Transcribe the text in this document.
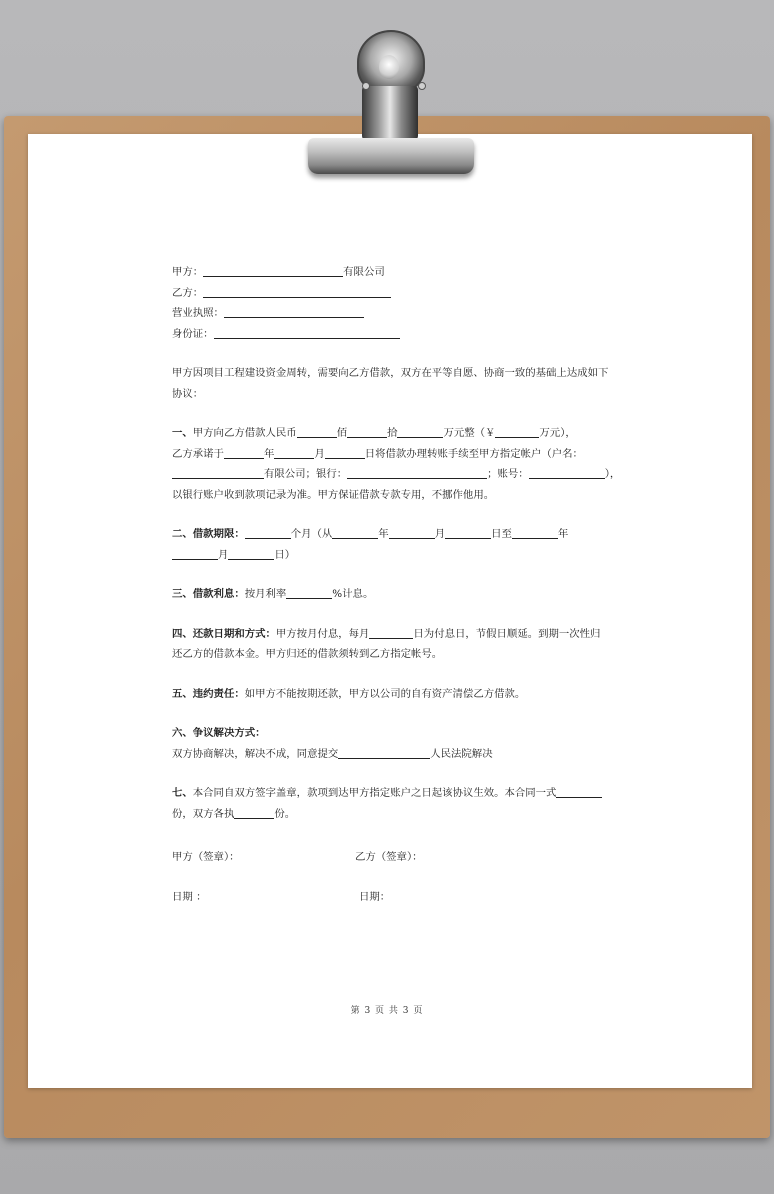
甲方：	有限公司
乙方：
营业执照：
身份证：
甲方因项目工程建设资金周转，需要向乙方借款，双方在平等自愿、协商一致的基础上达成如下
协议：
一、甲方向乙方借款人民币	佰	拾	万元整（￥	万元），
乙方承诺于	年	月	日将借款办理转账手续至甲方指定帐户（户名：
有限公司；银行：	；账号：	），
以银行账户收到款项记录为准。甲方保证借款专款专用，不挪作他用。
二、借款期限：	个月（从	年	月	日至	年
月	日）
三、借款利息：按月利率	%计息。
四、还款日期和方式：甲方按月付息，每月	日为付息日，节假日顺延。到期一次性归
还乙方的借款本金。甲方归还的借款须转到乙方指定帐号。
五、违约责任：如甲方不能按期还款，甲方以公司的自有资产清偿乙方借款。
六、争议解决方式：
双方协商解决，解决不成，同意提交	人民法院解决
七、本合同自双方签字盖章，款项到达甲方指定账户之日起该协议生效。本合同一式
份，双方各执	份。
甲方（签章）：	乙方（签章）：
日期 ：	日期：
第 3 页 共 3 页
